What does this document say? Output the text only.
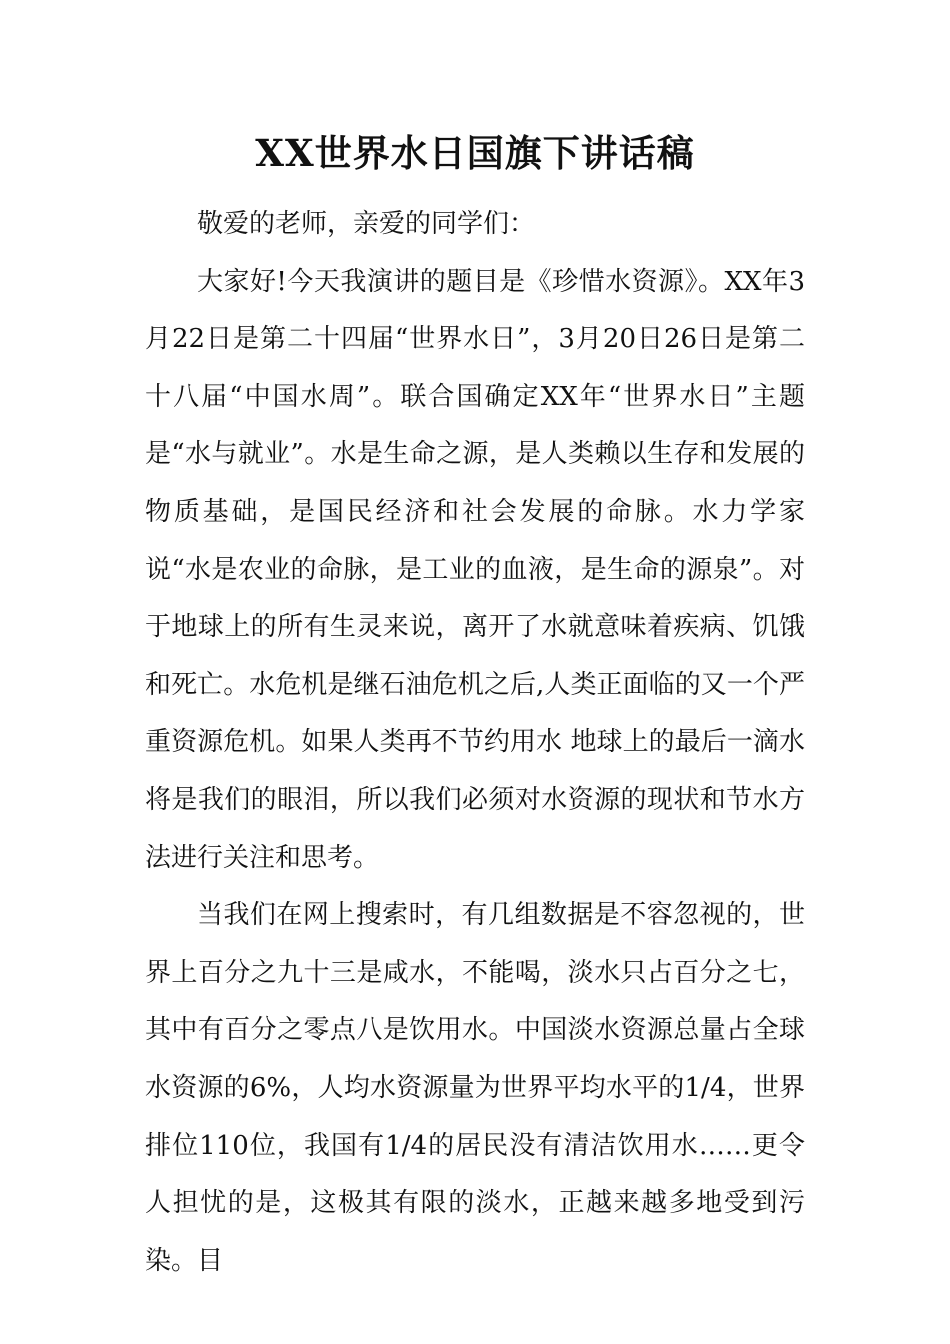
XX世界水日国旗下讲话稿

敬爱的老师，亲爱的同学们：

大家好!今天我演讲的题目是《珍惜水资源》。XX年3月22日是第二十四届“世界水日”，3月20日26日是第二十八届“中国水周”。联合国确定XX年“世界水日”主题是“水与就业”。水是生命之源，是人类赖以生存和发展的物质基础，是国民经济和社会发展的命脉。水力学家说“水是农业的命脉，是工业的血液，是生命的源泉”。对于地球上的所有生灵来说，离开了水就意味着疾病、饥饿和死亡。水危机是继石油危机之后,人类正面临的又一个严重资源危机。如果人类再不节约用水 地球上的最后一滴水将是我们的眼泪，所以我们必须对水资源的现状和节水方法进行关注和思考。

当我们在网上搜索时，有几组数据是不容忽视的，世界上百分之九十三是咸水，不能喝，淡水只占百分之七，其中有百分之零点八是饮用水。中国淡水资源总量占全球水资源的6%，人均水资源量为世界平均水平的1/4，世界排位110位，我国有1/4的居民没有清洁饮用水……更令人担忧的是，这极其有限的淡水，正越来越多地受到污染。目
